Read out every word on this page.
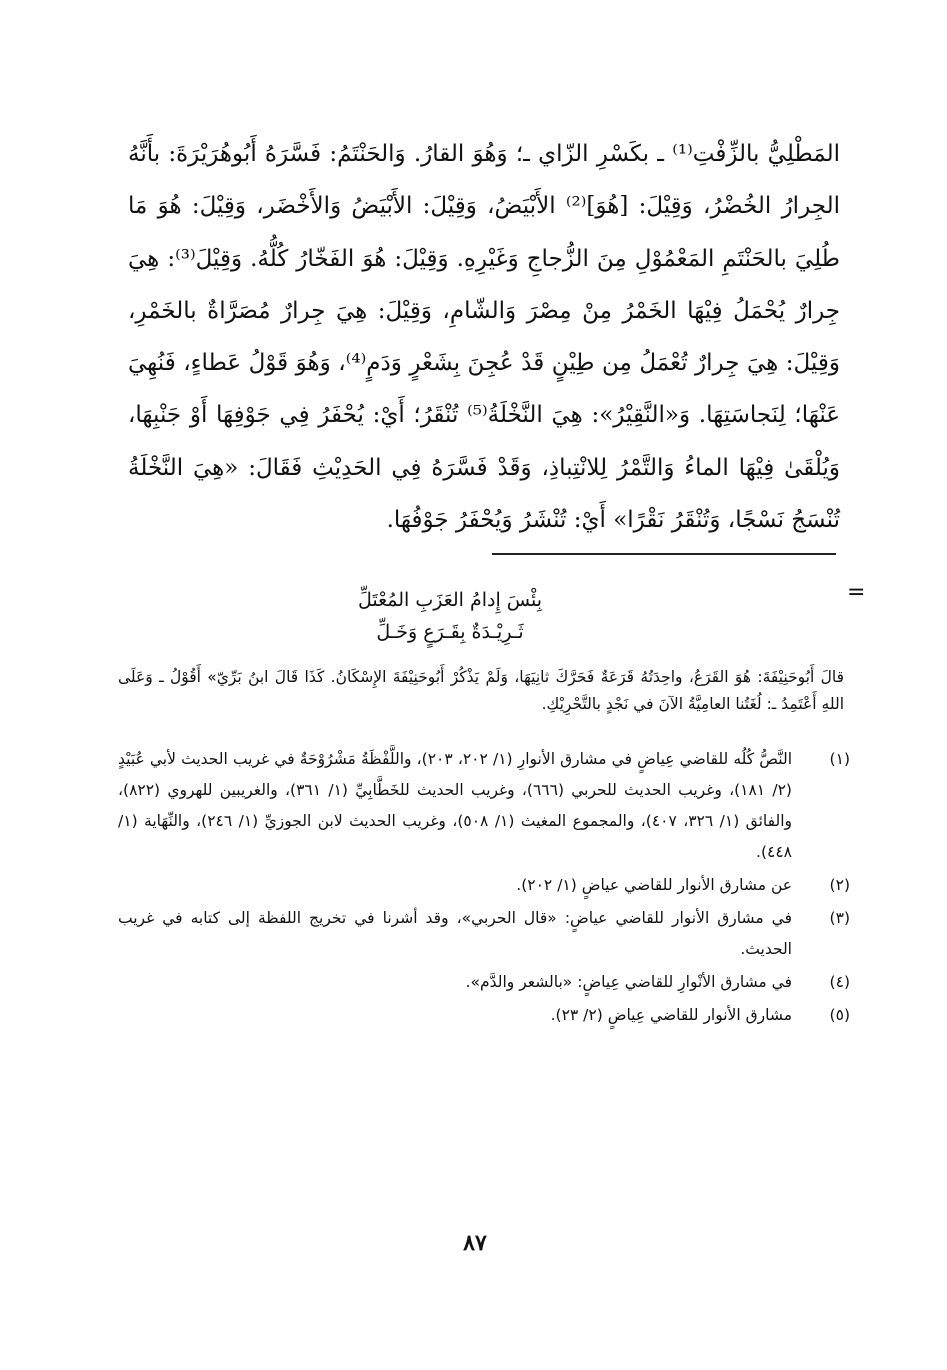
المَطْلِيُّ بالزِّفْتِ⁽¹⁾ ـ بكَسْرِ الزّاي ـ؛ وَهُوَ القارُ. وَالحَنْتَمُ: فَسَّرَهُ أَبُوهُرَيْرَةَ: بأَنَّهُ الجِرارُ الخُضْرُ، وَقِيْلَ: [هُوَ]⁽²⁾ الأَبْيَضُ، وَقِيْلَ: الأَبْيَضُ وَالأَخْضَر، وَقِيْلَ: هُوَ مَا طُلِيَ بالحَنْتَمِ المَعْمُوْلِ مِنَ الزُّجاجِ وَغَيْرِهِ. وَقِيْلَ: هُوَ الفَخّارُ كُلُّهُ. وَقِيْلَ⁽³⁾: هِيَ جِرارٌ يُحْمَلُ فِيْهَا الخَمْرُ مِنْ مِصْرَ وَالشّامِ، وَقِيْلَ: هِيَ جِرارٌ مُصَرَّاةٌ بالخَمْرِ، وَقِيْلَ: هِيَ جِرارٌ تُعْمَلُ مِن طِيْنٍ قَدْ عُجِنَ بِشَعْرٍ وَدَمٍ⁽⁴⁾، وَهُوَ قَوْلُ عَطاءٍ، فَنُهِيَ عَنْهَا؛ لِنَجاسَتِهَا. وَ«النَّقِيْرُ»: هِيَ النَّخْلَةُ⁽⁵⁾ تُنْقَرُ؛ أَيْ: يُحْفَرُ فِي جَوْفِهَا أَوْ جَنْبِهَا، وَيُلْقَىٰ فِيْهَا الماءُ وَالتَّمْرُ لِلانْتِباذِ، وَقَدْ فَسَّرَهُ فِي الحَدِيْثِ فَقَالَ: «هِيَ النَّخْلَةُ تُنْسَجُ نَسْجًا، وَتُنْقَرُ نَقْرًا» أَيْ: تُنْشَرُ وَيُحْفَرُ جَوْفُهَا.

=
بِئْسَ إِدامُ العَزَبِ المُعْتَلِّ
ثَـرِيْـدَةٌ بِقَـرَعٍ وَخَـلِّ

قالَ أَبُوحَنِيْفَةَ: هُوَ القَرَعُ، واحِدَتُهُ قَرَعَةٌ فَحَرَّكَ ثانِيَهَا، وَلَمْ يَذْكُرْ أَبُوحَنِيْفَةَ الإِسْكَانُ. كَذَا قَالَ ابنُ بَرِّيّ» أَقُوْلُ ـ وَعَلَى اللهِ أَعْتَمِدُ ـ: لُغَتُنا العامِيَّةُ الآنَ في نَجْدٍ بالتَّحْرِيْكِ.

(١)
النَّصُّ كُلُه للقاضي عِياضٍ في مشارق الأنوارِ (١/ ٢٠٢، ٢٠٣)، واللَّفْظَةُ مَشْرُوْحَةٌ في غريب الحديث لأبي عُبَيْدٍ (٢/ ١٨١)، وغريب الحديث للحربي (٦٦٦)، وغريب الحديث للخَطَّابِيِّ (١/ ٣٦١)، والغريبين للهروي (٨٢٢)، والفائق (١/ ٣٢٦، ٤٠٧)، والمجموع المغيث (١/ ٥٠٨)، وغريب الحديث لابن الجوزيِّ (١/ ٢٤٦)، والنِّهَاية (١/ ٤٤٨).
(٢)
عن مشارق الأنوار للقاضي عياضٍ (١/ ٢٠٢).
(٣)
في مشارق الأنوار للقاضي عياضٍ: «قال الحربي»، وقد أشرنا في تخريج اللفظة إلى كتابه في غريب الحديث.
(٤)
في مشارق الأنْوارِ للقاضي عِياضٍ: «بالشعر والدَّم».
(٥)
مشارق الأنوار للقاضي عِياضٍ (٢/ ٢٣).
٨٧
